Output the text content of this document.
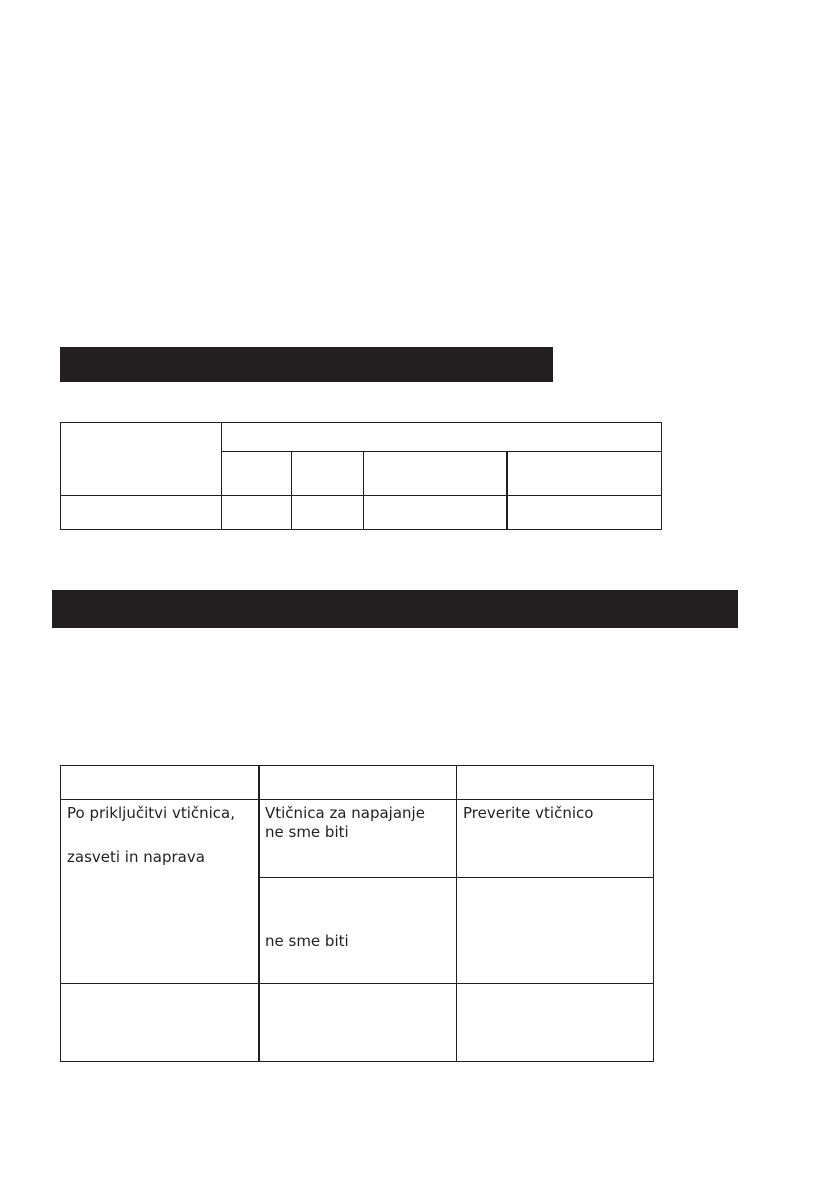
Po priključitvi vtičnica,
zasveti in naprava
Vtičnica za napajanje
ne sme biti
Preverite vtičnico
ne sme biti
